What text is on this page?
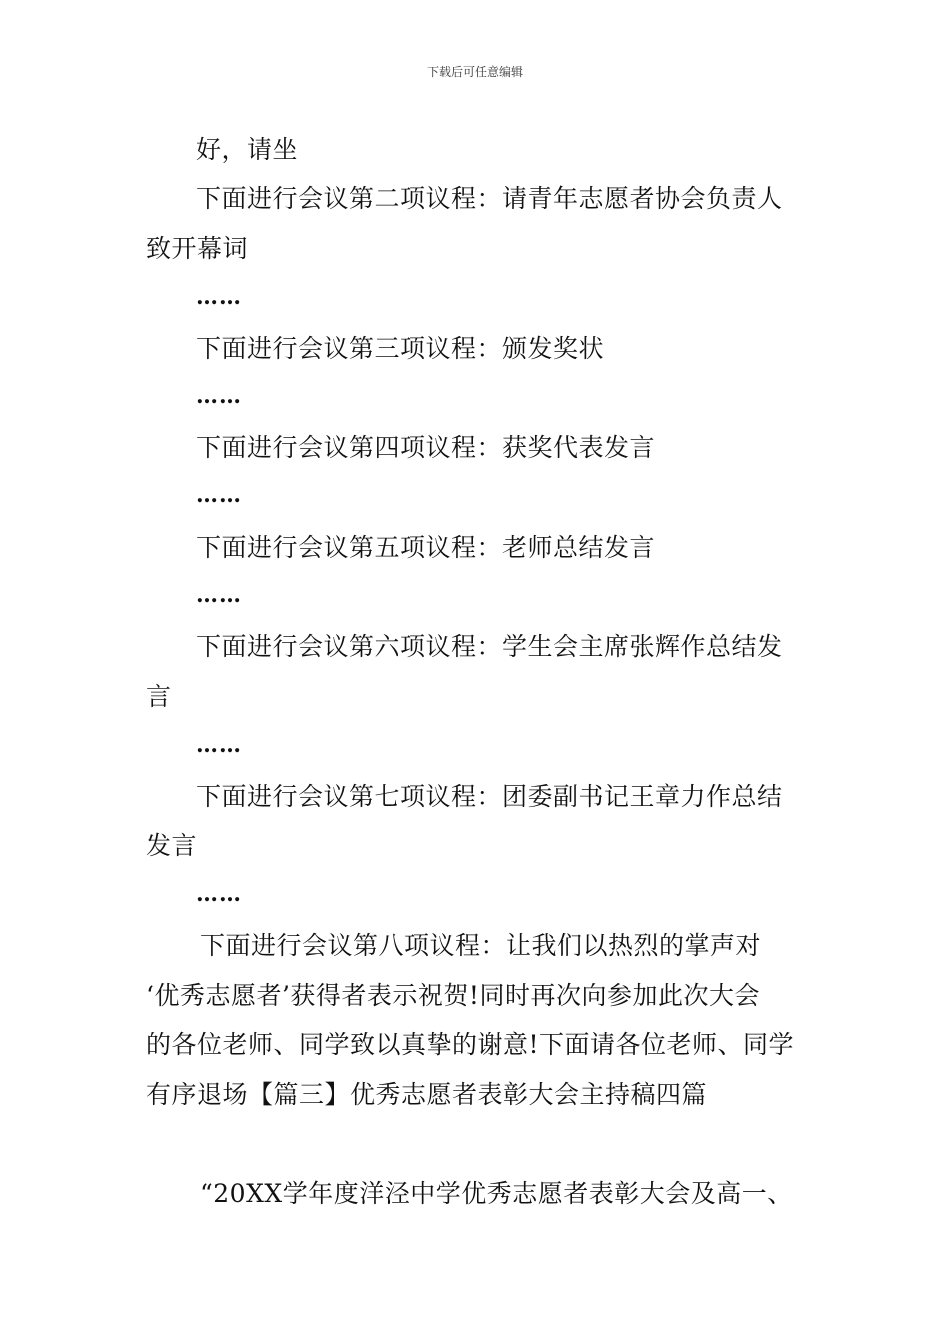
下载后可任意编辑
好，请坐
下面进行会议第二项议程：请青年志愿者协会负责人
致开幕词
……
下面进行会议第三项议程：颁发奖状
……
下面进行会议第四项议程：获奖代表发言
……
下面进行会议第五项议程：老师总结发言
……
下面进行会议第六项议程：学生会主席张辉作总结发
言
……
下面进行会议第七项议程：团委副书记王章力作总结
发言
……
下面进行会议第八项议程：让我们以热烈的掌声对
‘优秀志愿者’获得者表示祝贺!同时再次向参加此次大会
的各位老师、同学致以真挚的谢意!下面请各位老师、同学
有序退场【篇三】优秀志愿者表彰大会主持稿四篇
“20XX学年度洋泾中学优秀志愿者表彰大会及高一、
